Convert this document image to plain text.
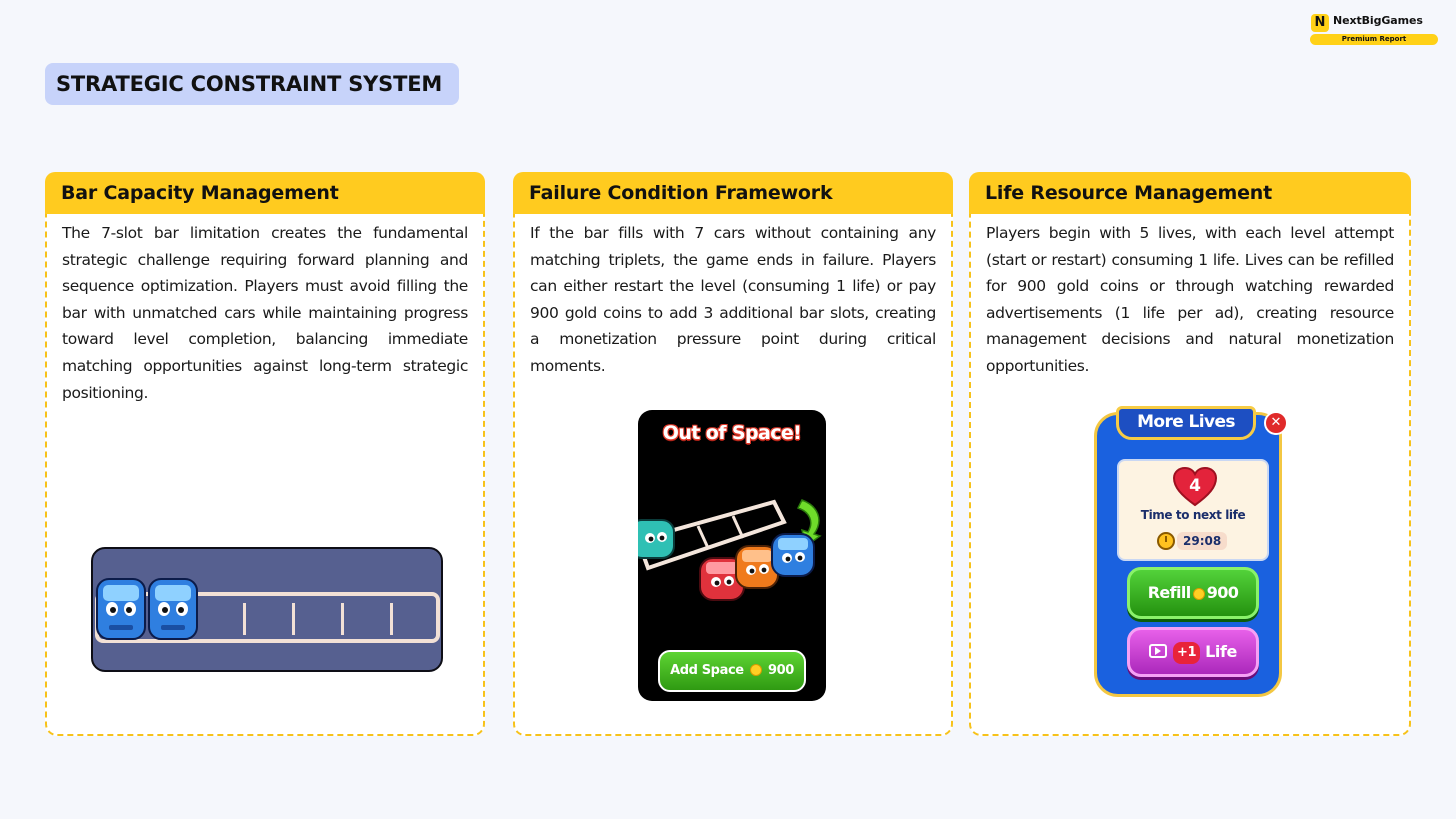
N NextBigGames
Premium Report
STRATEGIC CONSTRAINT SYSTEM
Bar Capacity Management
The 7-slot bar limitation creates the fundamental strategic challenge requiring forward planning and sequence optimization. Players must avoid filling the bar with unmatched cars while maintaining progress toward level completion, balancing immediate matching opportunities against long-term strategic positioning.
Failure Condition Framework
If the bar fills with 7 cars without containing any matching triplets, the game ends in failure. Players can either restart the level (consuming 1 life) or pay 900 gold coins to add 3 additional bar slots, creating a monetization pressure point during critical moments.
Out of Space!
Add Space 900
Life Resource Management
Players begin with 5 lives, with each level attempt (start or restart) consuming 1 life. Lives can be refilled for 900 gold coins or through watching rewarded advertisements (1 life per ad), creating resource management decisions and natural monetization opportunities.
4
Time to next life
29:08
Refill 900
+1 Life
More Lives	✕
